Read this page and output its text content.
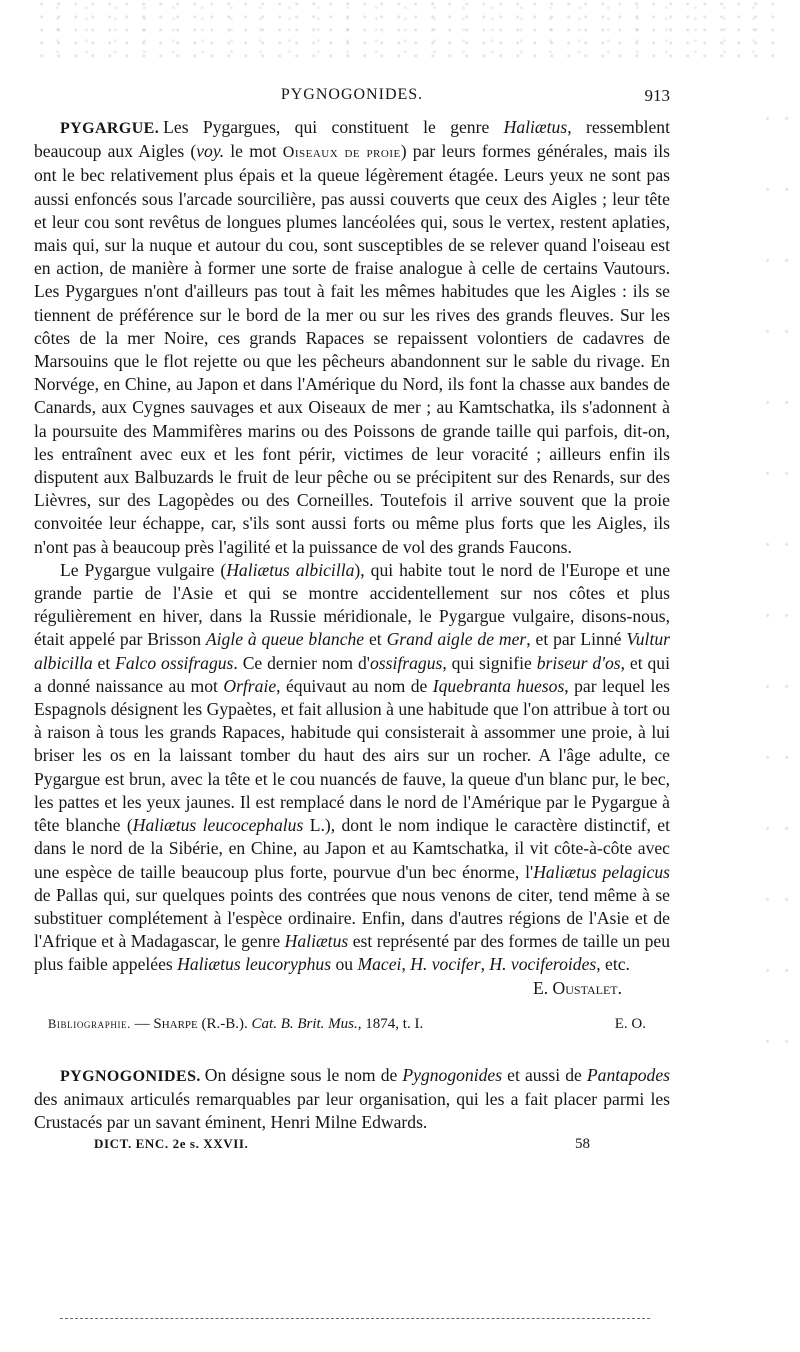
PYGNOGONIDES.	913

PYGARGUE. Les Pygargues, qui constituent le genre Haliætus, ressemblent beaucoup aux Aigles (voy. le mot Oiseaux de proie) par leurs formes générales, mais ils ont le bec relativement plus épais et la queue légèrement étagée. Leurs yeux ne sont pas aussi enfoncés sous l'arcade sourcilière, pas aussi couverts que ceux des Aigles ; leur tête et leur cou sont revêtus de longues plumes lancéolées qui, sous le vertex, restent aplaties, mais qui, sur la nuque et autour du cou, sont susceptibles de se relever quand l'oiseau est en action, de manière à former une sorte de fraise analogue à celle de certains Vautours. Les Pygargues n'ont d'ailleurs pas tout à fait les mêmes habitudes que les Aigles : ils se tiennent de préférence sur le bord de la mer ou sur les rives des grands fleuves. Sur les côtes de la mer Noire, ces grands Rapaces se repaissent volontiers de cadavres de Marsouins que le flot rejette ou que les pêcheurs abandonnent sur le sable du rivage. En Norvége, en Chine, au Japon et dans l'Amérique du Nord, ils font la chasse aux bandes de Canards, aux Cygnes sauvages et aux Oiseaux de mer ; au Kamtschatka, ils s'adonnent à la poursuite des Mammifères marins ou des Poissons de grande taille qui parfois, dit-on, les entraînent avec eux et les font périr, victimes de leur voracité ; ailleurs enfin ils disputent aux Balbuzards le fruit de leur pêche ou se précipitent sur des Renards, sur des Lièvres, sur des Lagopèdes ou des Corneilles. Toutefois il arrive souvent que la proie convoitée leur échappe, car, s'ils sont aussi forts ou même plus forts que les Aigles, ils n'ont pas à beaucoup près l'agilité et la puissance de vol des grands Faucons.

Le Pygargue vulgaire (Haliætus albicilla), qui habite tout le nord de l'Europe et une grande partie de l'Asie et qui se montre accidentellement sur nos côtes et plus régulièrement en hiver, dans la Russie méridionale, le Pygargue vulgaire, disons-nous, était appelé par Brisson Aigle à queue blanche et Grand aigle de mer, et par Linné Vultur albicilla et Falco ossifragus. Ce dernier nom d'ossifragus, qui signifie briseur d'os, et qui a donné naissance au mot Orfraie, équivaut au nom de Iquebranta huesos, par lequel les Espagnols désignent les Gypaètes, et fait allusion à une habitude que l'on attribue à tort ou à raison à tous les grands Rapaces, habitude qui consisterait à assommer une proie, à lui briser les os en la laissant tomber du haut des airs sur un rocher. A l'âge adulte, ce Pygargue est brun, avec la tête et le cou nuancés de fauve, la queue d'un blanc pur, le bec, les pattes et les yeux jaunes. Il est remplacé dans le nord de l'Amérique par le Pygargue à tête blanche (Haliætus leucocephalus L.), dont le nom indique le caractère distinctif, et dans le nord de la Sibérie, en Chine, au Japon et au Kamtschatka, il vit côte-à-côte avec une espèce de taille beaucoup plus forte, pourvue d'un bec énorme, l'Haliætus pelagicus de Pallas qui, sur quelques points des contrées que nous venons de citer, tend même à se substituer complétement à l'espèce ordinaire. Enfin, dans d'autres régions de l'Asie et de l'Afrique et à Madagascar, le genre Haliætus est représenté par des formes de taille un peu plus faible appelées Haliætus leucoryphus ou Macei, H. vocifer, H. vociferoides, etc.

E. Oustalet.
Bibliographie. — Sharpe (R.-B.). Cat. B. Brit. Mus., 1874, t. I.	E. O.

PYGNOGONIDES. On désigne sous le nom de Pygnogonides et aussi de Pantapodes des animaux articulés remarquables par leur organisation, qui les a fait placer parmi les Crustacés par un savant éminent, Henri Milne Edwards.

DICT. ENC. 2e s. XXVII.	58
